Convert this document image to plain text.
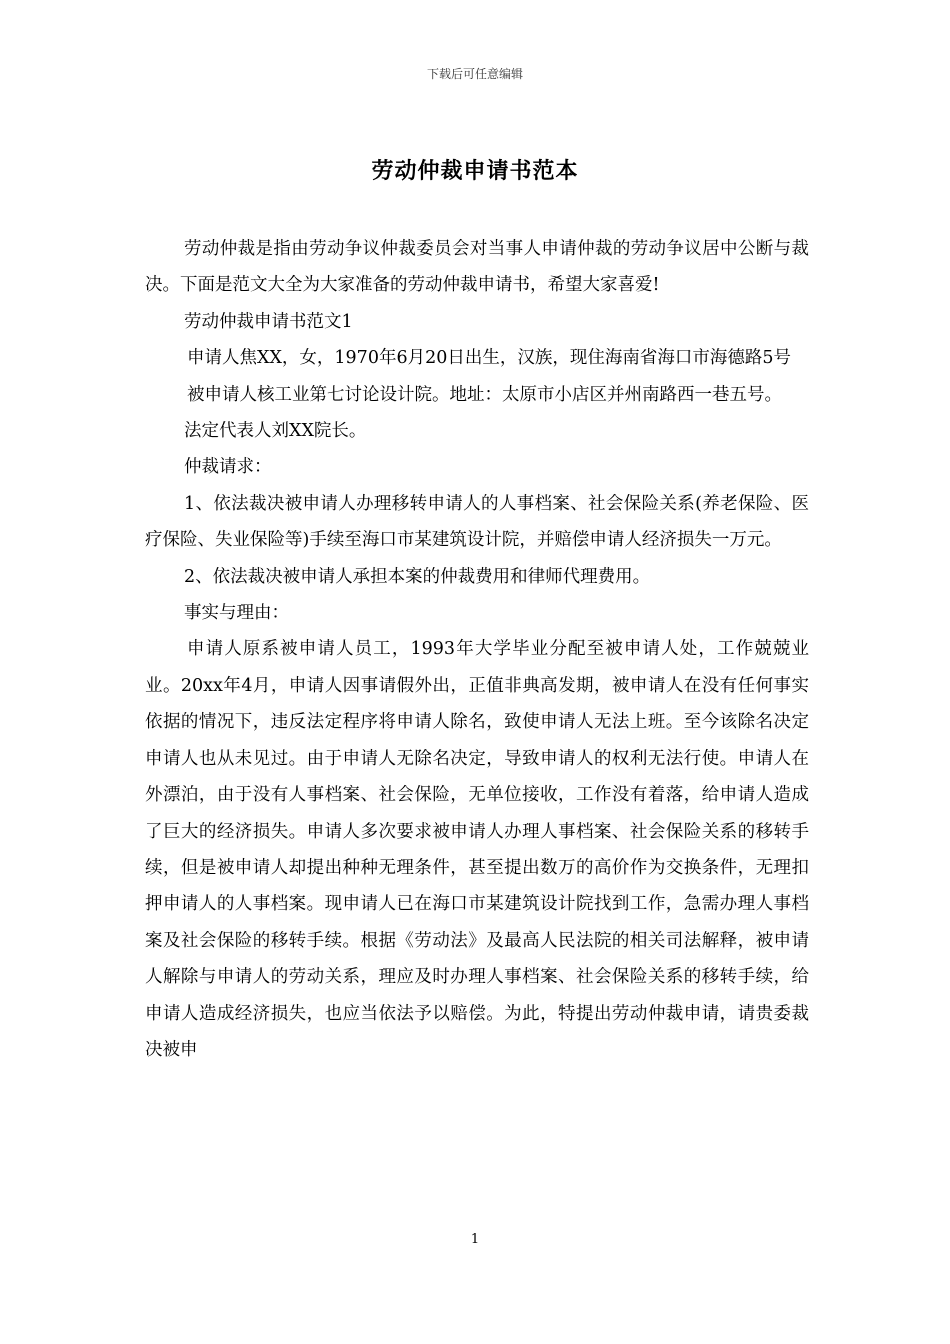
下载后可任意编辑
劳动仲裁申请书范本

劳动仲裁是指由劳动争议仲裁委员会对当事人申请仲裁的劳动争议居中公断与裁决。下面是范文大全为大家准备的劳动仲裁申请书，希望大家喜爱!

劳动仲裁申请书范文1

申请人焦XX，女，1970年6月20日出生，汉族，现住海南省海口市海德路5号

被申请人核工业第七讨论设计院。地址：太原市小店区并州南路西一巷五号。

法定代表人刘XX院长。

仲裁请求：

1、依法裁决被申请人办理移转申请人的人事档案、社会保险关系(养老保险、医疗保险、失业保险等)手续至海口市某建筑设计院，并赔偿申请人经济损失一万元。

2、依法裁决被申请人承担本案的仲裁费用和律师代理费用。

事实与理由：

申请人原系被申请人员工，1993年大学毕业分配至被申请人处，工作兢兢业业。20xx年4月，申请人因事请假外出，正值非典高发期，被申请人在没有任何事实依据的情况下，违反法定程序将申请人除名，致使申请人无法上班。至今该除名决定申请人也从未见过。由于申请人无除名决定，导致申请人的权利无法行使。申请人在外漂泊，由于没有人事档案、社会保险，无单位接收，工作没有着落，给申请人造成了巨大的经济损失。申请人多次要求被申请人办理人事档案、社会保险关系的移转手续，但是被申请人却提出种种无理条件，甚至提出数万的高价作为交换条件，无理扣押申请人的人事档案。现申请人已在海口市某建筑设计院找到工作，急需办理人事档案及社会保险的移转手续。根据《劳动法》及最高人民法院的相关司法解释，被申请人解除与申请人的劳动关系，理应及时办理人事档案、社会保险关系的移转手续，给申请人造成经济损失，也应当依法予以赔偿。为此，特提出劳动仲裁申请，请贵委裁决被申

1
